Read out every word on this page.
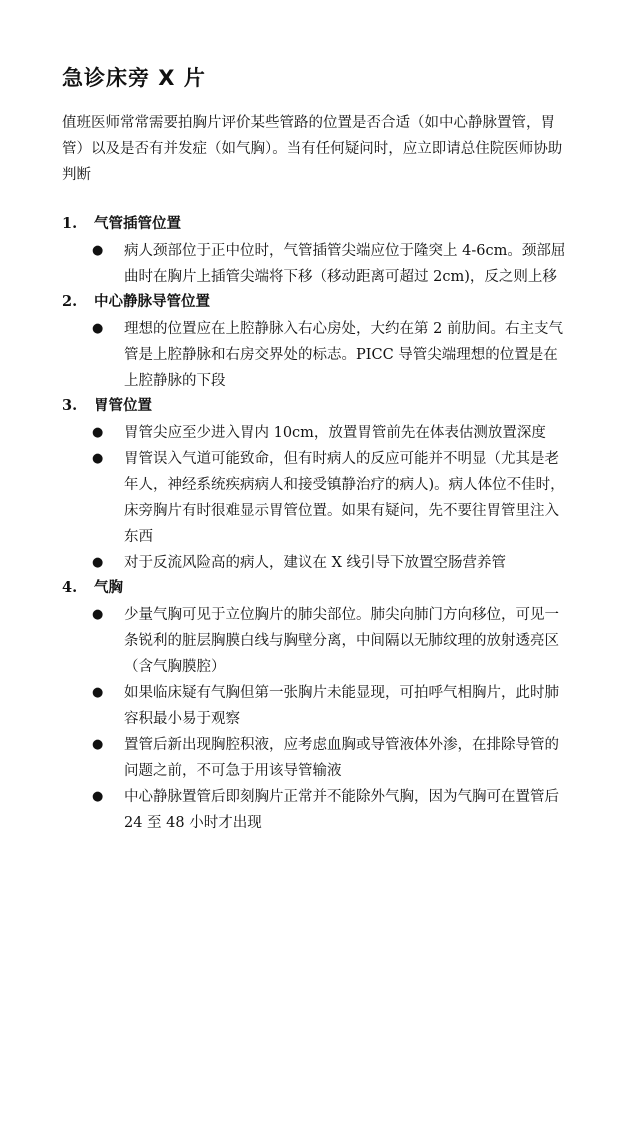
急诊床旁 X 片
值班医师常常需要拍胸片评价某些管路的位置是否合适（如中心静脉置管，胃管）以及是否有并发症（如气胸）。当有任何疑问时，应立即请总住院医师协助判断
1.	气管插管位置
● 病人颈部位于正中位时，气管插管尖端应位于隆突上 4-6cm。颈部屈曲时在胸片上插管尖端将下移（移动距离可超过 2cm)，反之则上移
2.	中心静脉导管位置
● 理想的位置应在上腔静脉入右心房处，大约在第 2 前肋间。右主支气管是上腔静脉和右房交界处的标志。PICC 导管尖端理想的位置是在上腔静脉的下段
3.	胃管位置
● 胃管尖应至少进入胃内 10cm，放置胃管前先在体表估测放置深度
● 胃管误入气道可能致命，但有时病人的反应可能并不明显（尤其是老年人，神经系统疾病病人和接受镇静治疗的病人)。病人体位不佳时，床旁胸片有时很难显示胃管位置。如果有疑问，先不要往胃管里注入东西
● 对于反流风险高的病人，建议在 X 线引导下放置空肠营养管
4.	气胸
● 少量气胸可见于立位胸片的肺尖部位。肺尖向肺门方向移位，可见一条锐利的脏层胸膜白线与胸壁分离，中间隔以无肺纹理的放射透亮区（含气胸膜腔）
● 如果临床疑有气胸但第一张胸片未能显现，可拍呼气相胸片，此时肺容积最小易于观察
● 置管后新出现胸腔积液，应考虑血胸或导管液体外渗，在排除导管的问题之前，不可急于用该导管输液
● 中心静脉置管后即刻胸片正常并不能除外气胸，因为气胸可在置管后 24 至 48 小时才出现
